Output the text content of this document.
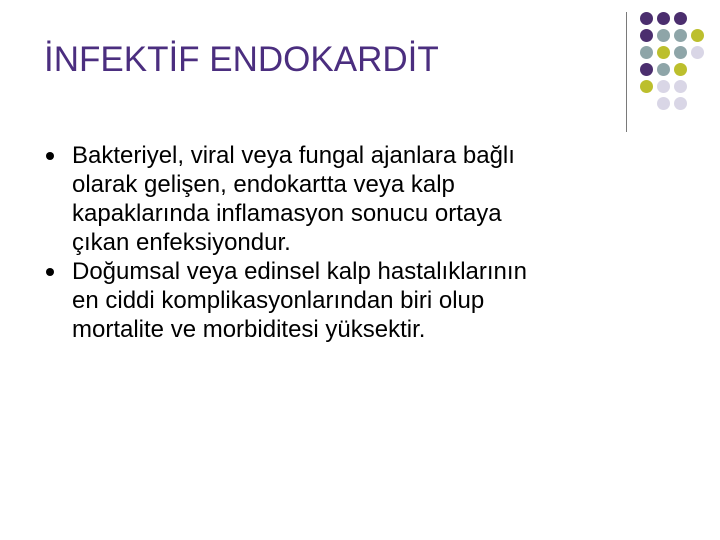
İNFEKTİF ENDOKARDİT
Bakteriyel, viral veya fungal ajanlara bağlı
olarak gelişen, endokartta veya kalp
kapaklarında inflamasyon sonucu ortaya
çıkan enfeksiyondur.
Doğumsal veya edinsel kalp hastalıklarının
en ciddi komplikasyonlarından biri olup
mortalite ve morbiditesi yüksektir.
